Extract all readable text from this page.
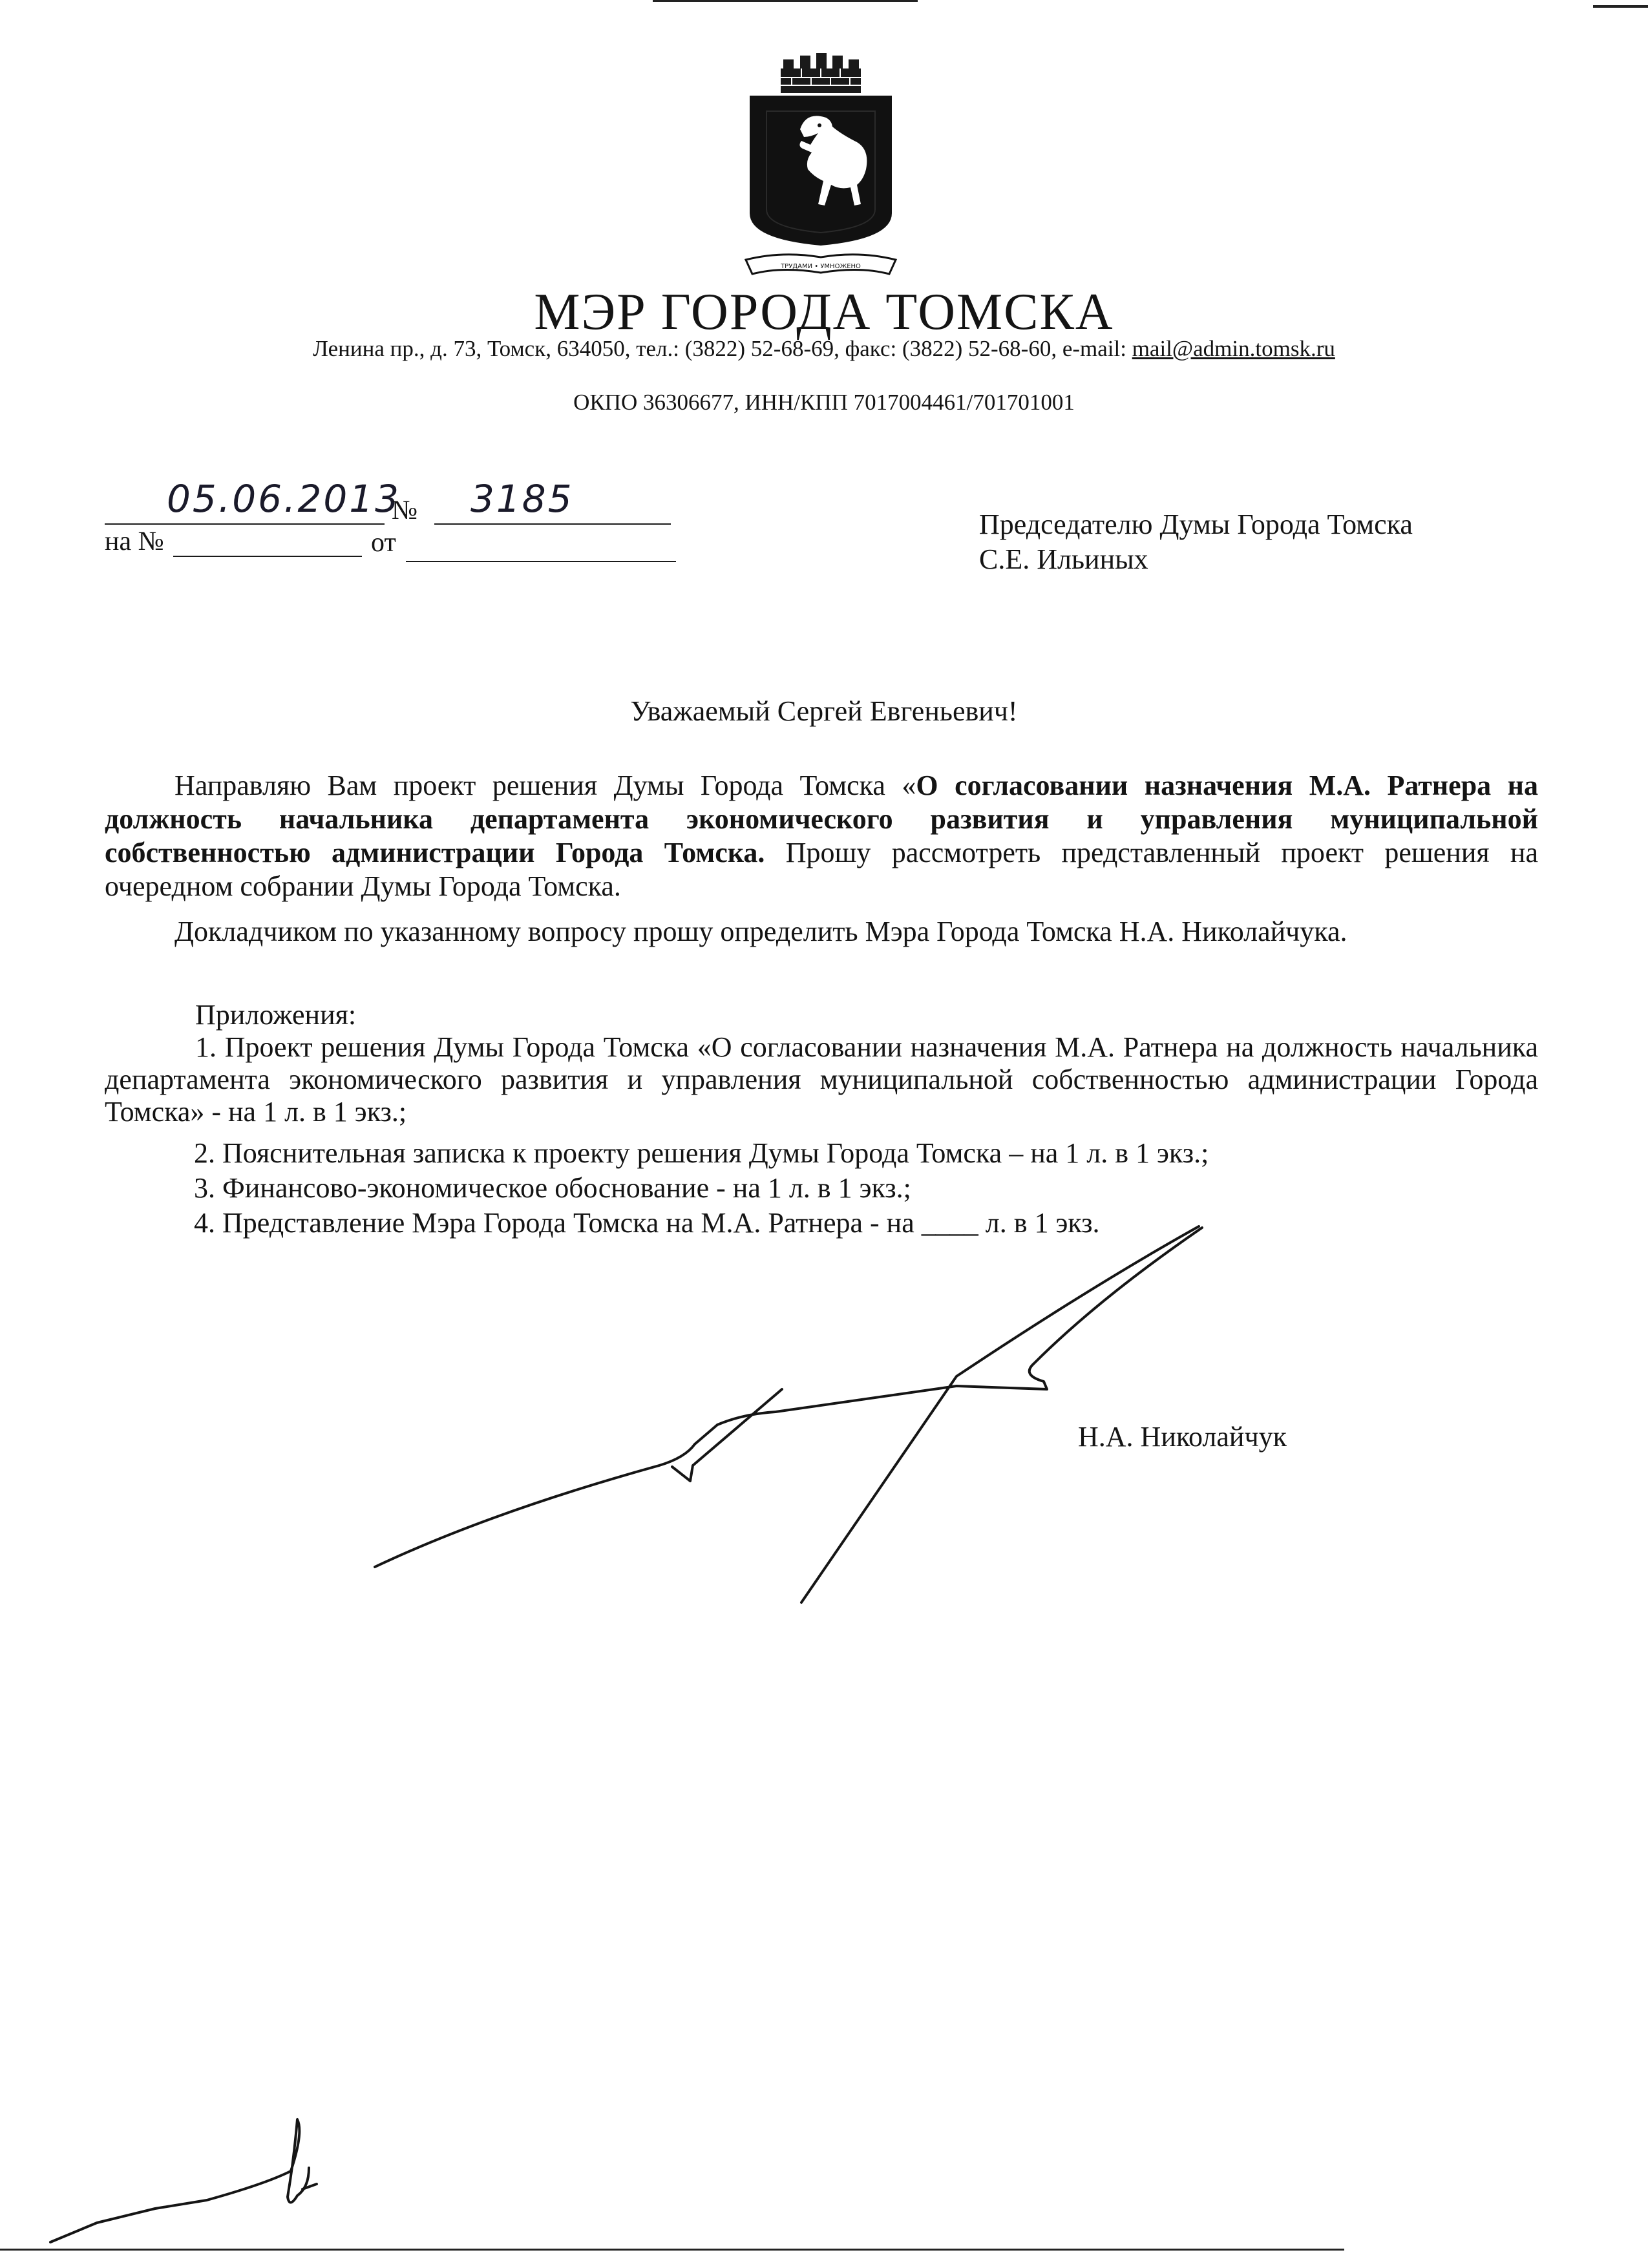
ТРУДАМИ • УМНОЖЕНО
МЭР ГОРОДА ТОМСКА
Ленина пр., д. 73, Томск, 634050, тел.: (3822) 52-68-69, факс: (3822) 52-68-60, e-mail: mail@admin.tomsk.ru
ОКПО 36306677, ИНН/КПП 7017004461/701701001
05.06.2013
№ 3185
на №	от
Председателю Думы Города Томска
С.Е. Ильиных
Уважаемый Сергей Евгеньевич!
Направляю Вам проект решения Думы Города Томска «О согласовании назначения М.А. Ратнера на должность начальника департамента экономического развития и управления муниципальной собственностью администрации Города Томска. Прошу рассмотреть представленный проект решения на очередном собрании Думы Города Томска.
Докладчиком по указанному вопросу прошу определить Мэра Города Томска Н.А. Николайчука.
Приложения:
1. Проект решения Думы Города Томска «О согласовании назначения М.А. Ратнера на должность начальника департамента экономического развития и управления муниципальной собственностью администрации Города Томска» - на 1 л. в 1 экз.;
2. Пояснительная записка к проекту решения Думы Города Томска – на 1 л. в 1 экз.;
3. Финансово-экономическое обоснование - на 1 л. в 1 экз.;
4. Представление Мэра Города Томска на М.А. Ратнера - на ____ л. в 1 экз.
Н.А. Николайчук
